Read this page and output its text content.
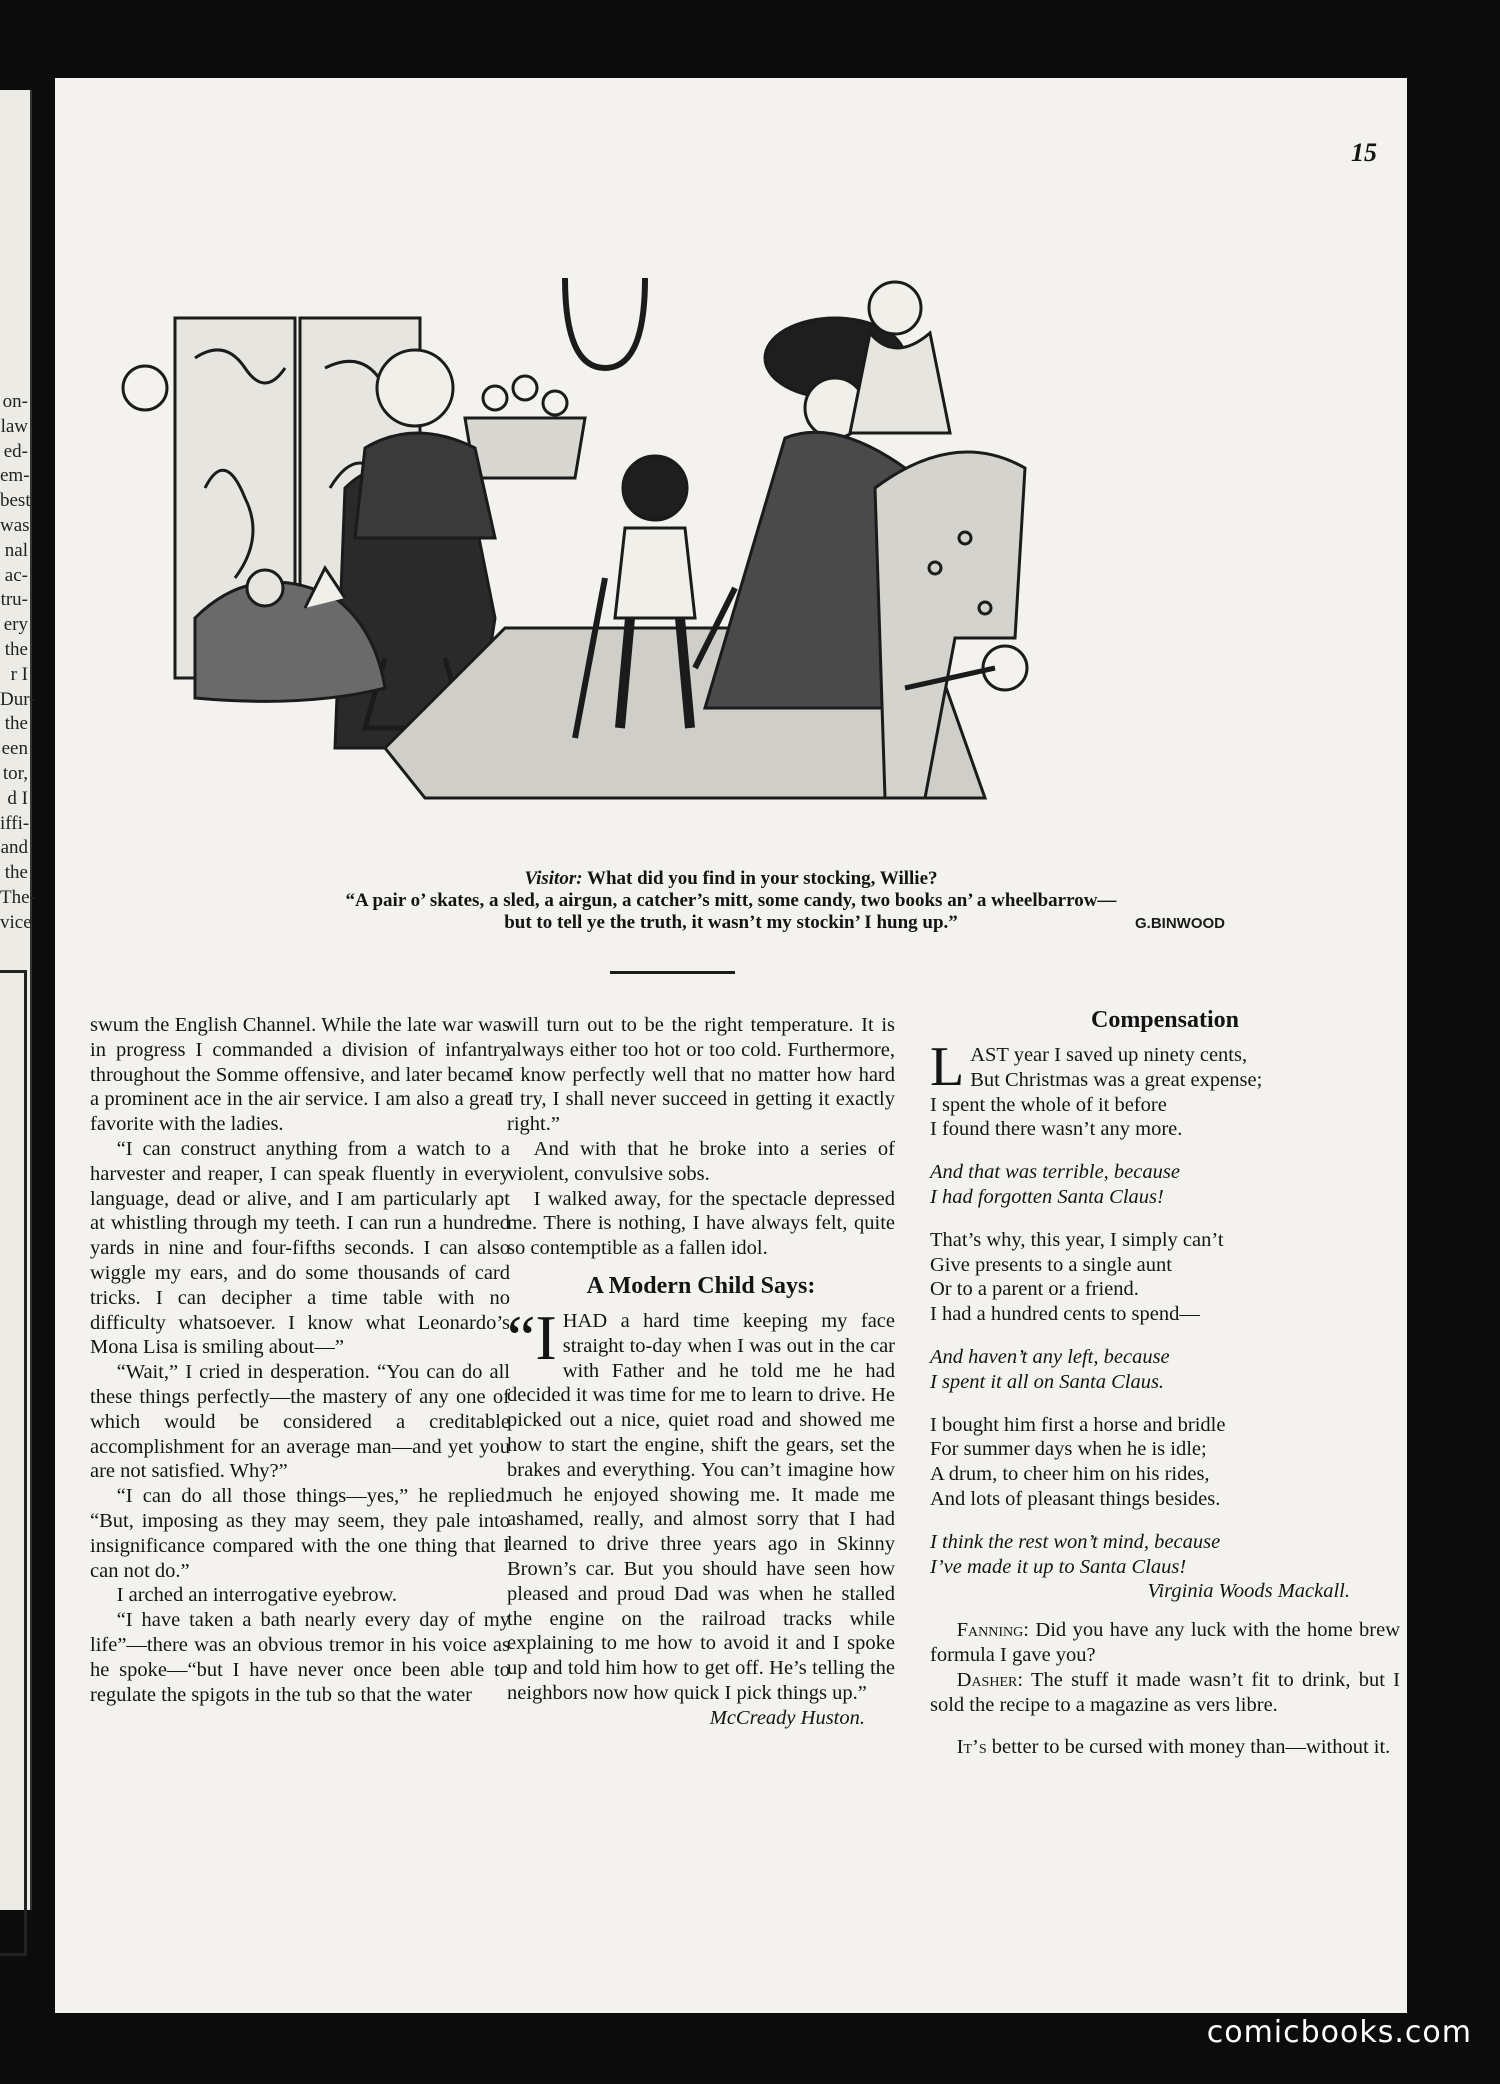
on-
law
ed-
em-
best
was
nal
ac-
tru-
ery
the
r I
Dur-
the
een
tor,
d I
iffi-
and
the
The-
vice
15
G.BINWOOD
Visitor: What did you find in your stocking, Willie?
“A pair o’ skates, a sled, a airgun, a catcher’s mitt, some candy, two books an’ a wheelbarrow—
but to tell ye the truth, it wasn’t my stockin’ I hung up.”

swum the English Channel. While the late war was in progress I commanded a division of infantry throughout the Somme offensive, and later became a prominent ace in the air service. I am also a great favorite with the ladies.

“I can construct anything from a watch to a harvester and reaper, I can speak fluently in every language, dead or alive, and I am particularly apt at whistling through my teeth. I can run a hundred yards in nine and four-fifths seconds. I can also wiggle my ears, and do some thousands of card tricks. I can decipher a time table with no difficulty whatsoever. I know what Leonardo’s Mona Lisa is smiling about—”

“Wait,” I cried in desperation. “You can do all these things perfectly—the mastery of any one of which would be considered a creditable accomplishment for an average man—and yet you are not satisfied. Why?”

“I can do all those things—yes,” he replied. “But, imposing as they may seem, they pale into insignificance compared with the one thing that I can not do.”

I arched an interrogative eyebrow.

“I have taken a bath nearly every day of my life”—there was an obvious tremor in his voice as he spoke—“but I have never once been able to regulate the spigots in the tub so that the water

will turn out to be the right temperature. It is always either too hot or too cold. Furthermore, I know perfectly well that no matter how hard I try, I shall never succeed in getting it exactly right.”

And with that he broke into a series of violent, convulsive sobs.

I walked away, for the spectacle depressed me. There is nothing, I have always felt, quite so contemptible as a fallen idol.

A Modern Child Says:

“IHAD a hard time keeping my face straight to-day when I was out in the car with Father and he told me he had decided it was time for me to learn to drive. He picked out a nice, quiet road and showed me how to start the engine, shift the gears, set the brakes and everything. You can’t imagine how much he enjoyed showing me. It made me ashamed, really, and almost sorry that I had learned to drive three years ago in Skinny Brown’s car. But you should have seen how pleased and proud Dad was when he stalled the engine on the railroad tracks while explaining to me how to avoid it and I spoke up and told him how to get off. He’s telling the neighbors now how quick I pick things up.”

McCready Huston.
Compensation
LAST year I saved up ninety cents,
But Christmas was a great expense;
I spent the whole of it before
I found there wasn’t any more.
And that was terrible, because
I had forgotten Santa Claus!
That’s why, this year, I simply can’t
Give presents to a single aunt
Or to a parent or a friend.
I had a hundred cents to spend—
And haven’t any left, because
I spent it all on Santa Claus.
I bought him first a horse and bridle
For summer days when he is idle;
A drum, to cheer him on his rides,
And lots of pleasant things besides.
I think the rest won’t mind, because
I’ve made it up to Santa Claus!
Virginia Woods Mackall.

Fanning: Did you have any luck with the home brew formula I gave you?

Dasher: The stuff it made wasn’t fit to drink, but I sold the recipe to a magazine as vers libre.

It’s better to be cursed with money than—without it.

comicbooks.com
